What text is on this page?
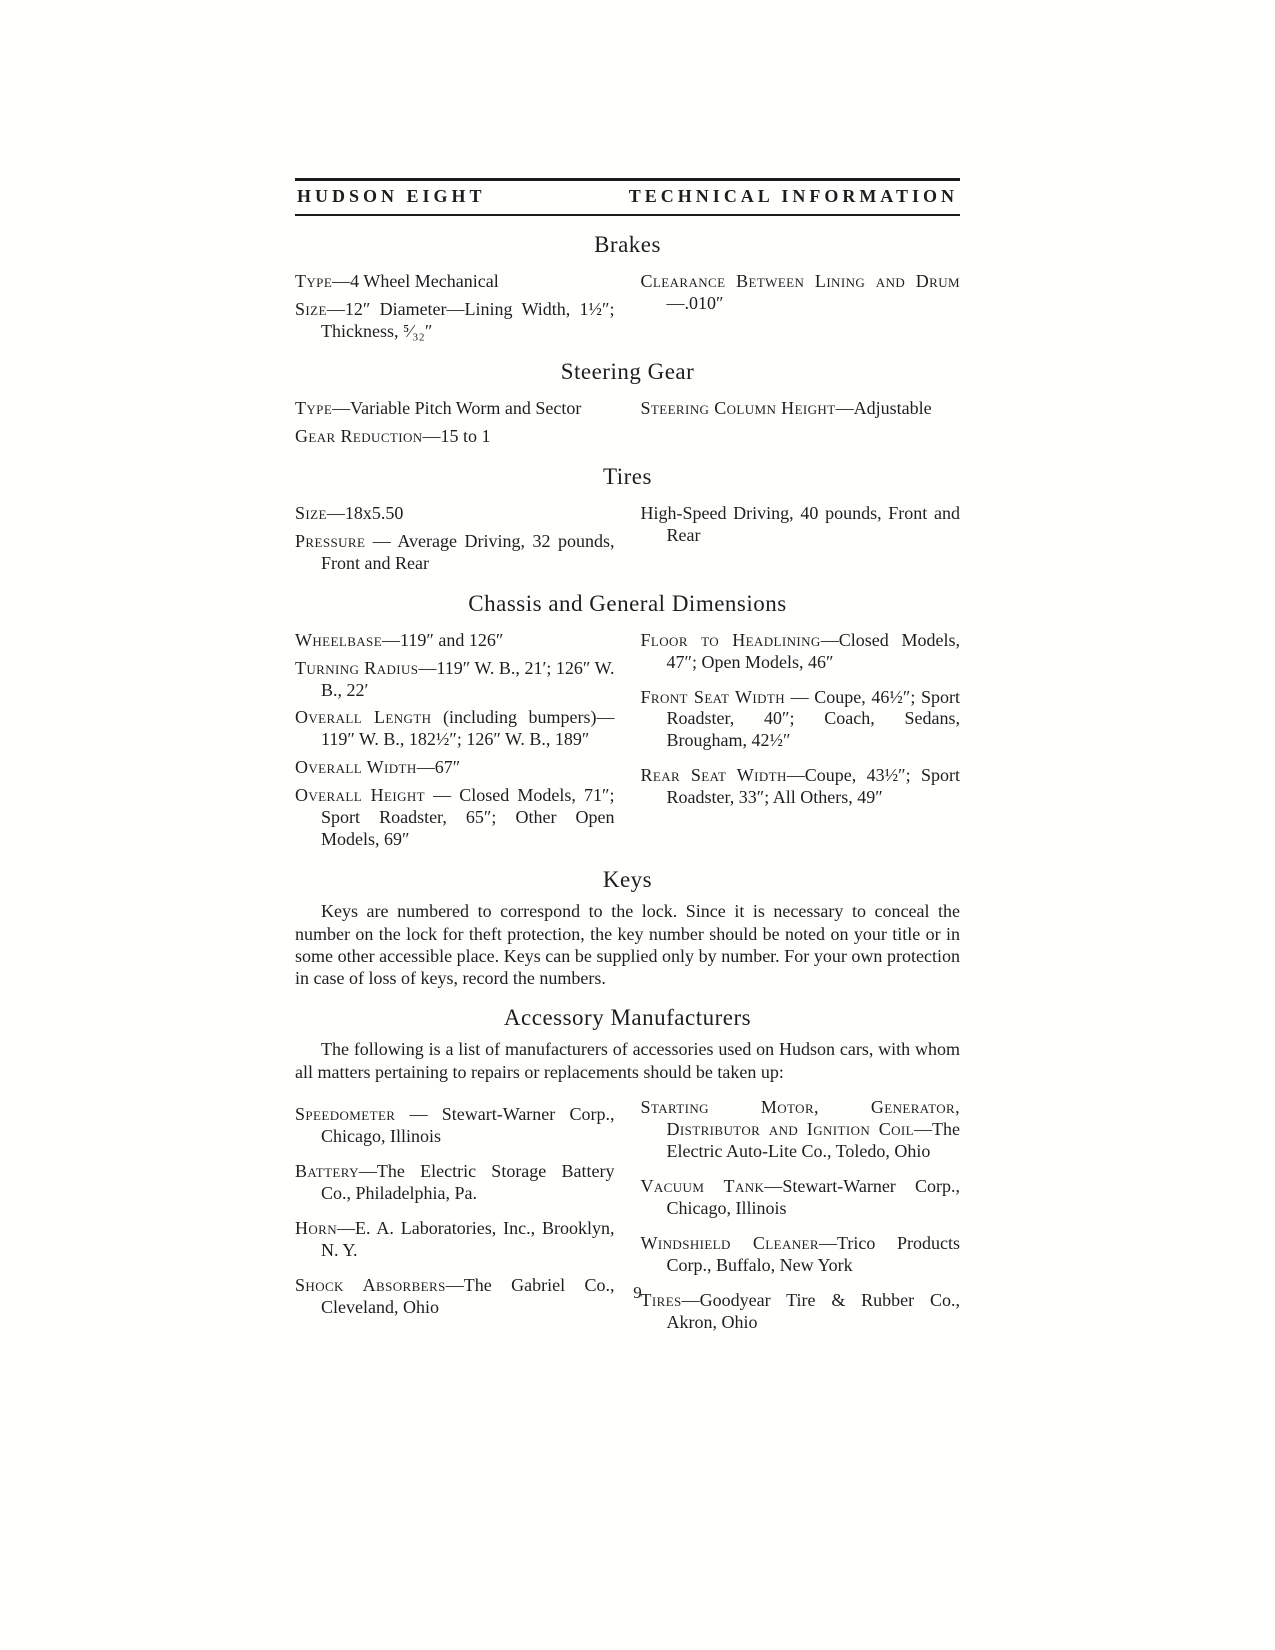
HUDSON EIGHT	TECHNICAL INFORMATION
Brakes

Type—4 Wheel Mechanical

Size—12″ Diameter—Lining Width, 1½″; Thickness, ⁵⁄₃₂″

Clearance Between Lining and Drum—.010″

Steering Gear

Type—Variable Pitch Worm and Sector

Gear Reduction—15 to 1

Steering Column Height—Adjustable

Tires

Size—18x5.50

Pressure — Average Driving, 32 pounds, Front and Rear

High-Speed Driving, 40 pounds, Front and Rear

Chassis and General Dimensions

Wheelbase—119″ and 126″

Turning Radius—119″ W. B., 21′; 126″ W. B., 22′

Overall Length (including bumpers)—119″ W. B., 182½″; 126″ W. B., 189″

Overall Width—67″

Overall Height — Closed Models, 71″; Sport Roadster, 65″; Other Open Models, 69″

Floor to Headlining—Closed Models, 47″; Open Models, 46″

Front Seat Width — Coupe, 46½″; Sport Roadster, 40″; Coach, Sedans, Brougham, 42½″

Rear Seat Width—Coupe, 43½″; Sport Roadster, 33″; All Others, 49″

Keys

Keys are numbered to correspond to the lock. Since it is necessary to conceal the number on the lock for theft protection, the key number should be noted on your title or in some other accessible place. Keys can be supplied only by number. For your own protection in case of loss of keys, record the numbers.

Accessory Manufacturers

The following is a list of manufacturers of accessories used on Hudson cars, with whom all matters pertaining to repairs or replacements should be taken up:

Speedometer — Stewart-Warner Corp., Chicago, Illinois

Battery—The Electric Storage Battery Co., Philadelphia, Pa.

Horn—E. A. Laboratories, Inc., Brooklyn, N. Y.

Shock Absorbers—The Gabriel Co., Cleveland, Ohio

Starting Motor, Generator, Distributor and Ignition Coil—The Electric Auto-Lite Co., Toledo, Ohio

Vacuum Tank—Stewart-Warner Corp., Chicago, Illinois

Windshield Cleaner—Trico Products Corp., Buffalo, New York

Tires—Goodyear Tire & Rubber Co., Akron, Ohio

9
